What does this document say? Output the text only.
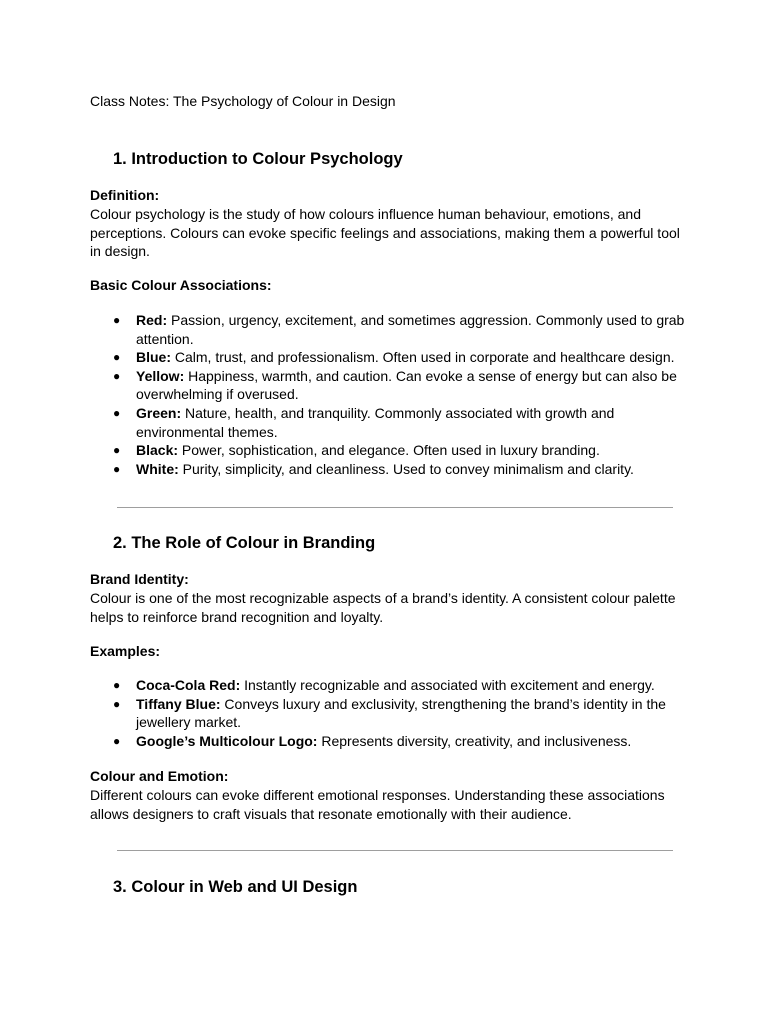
Class Notes: The Psychology of Colour in Design

1. Introduction to Colour Psychology

Definition:

Colour psychology is the study of how colours influence human behaviour, emotions, and perceptions. Colours can evoke specific feelings and associations, making them a powerful tool in design.

Basic Colour Associations:

● Red: Passion, urgency, excitement, and sometimes aggression. Commonly used to grab attention.
● Blue: Calm, trust, and professionalism. Often used in corporate and healthcare design.
● Yellow: Happiness, warmth, and caution. Can evoke a sense of energy but can also be overwhelming if overused.
● Green: Nature, health, and tranquility. Commonly associated with growth and environmental themes.
● Black: Power, sophistication, and elegance. Often used in luxury branding.
● White: Purity, simplicity, and cleanliness. Used to convey minimalism and clarity.
2. The Role of Colour in Branding

Brand Identity:

Colour is one of the most recognizable aspects of a brand’s identity. A consistent colour palette helps to reinforce brand recognition and loyalty.

Examples:

● Coca-Cola Red: Instantly recognizable and associated with excitement and energy.
● Tiffany Blue: Conveys luxury and exclusivity, strengthening the brand’s identity in the jewellery market.
● Google’s Multicolour Logo: Represents diversity, creativity, and inclusiveness.

Colour and Emotion:

Different colours can evoke different emotional responses. Understanding these associations allows designers to craft visuals that resonate emotionally with their audience.

3. Colour in Web and UI Design
